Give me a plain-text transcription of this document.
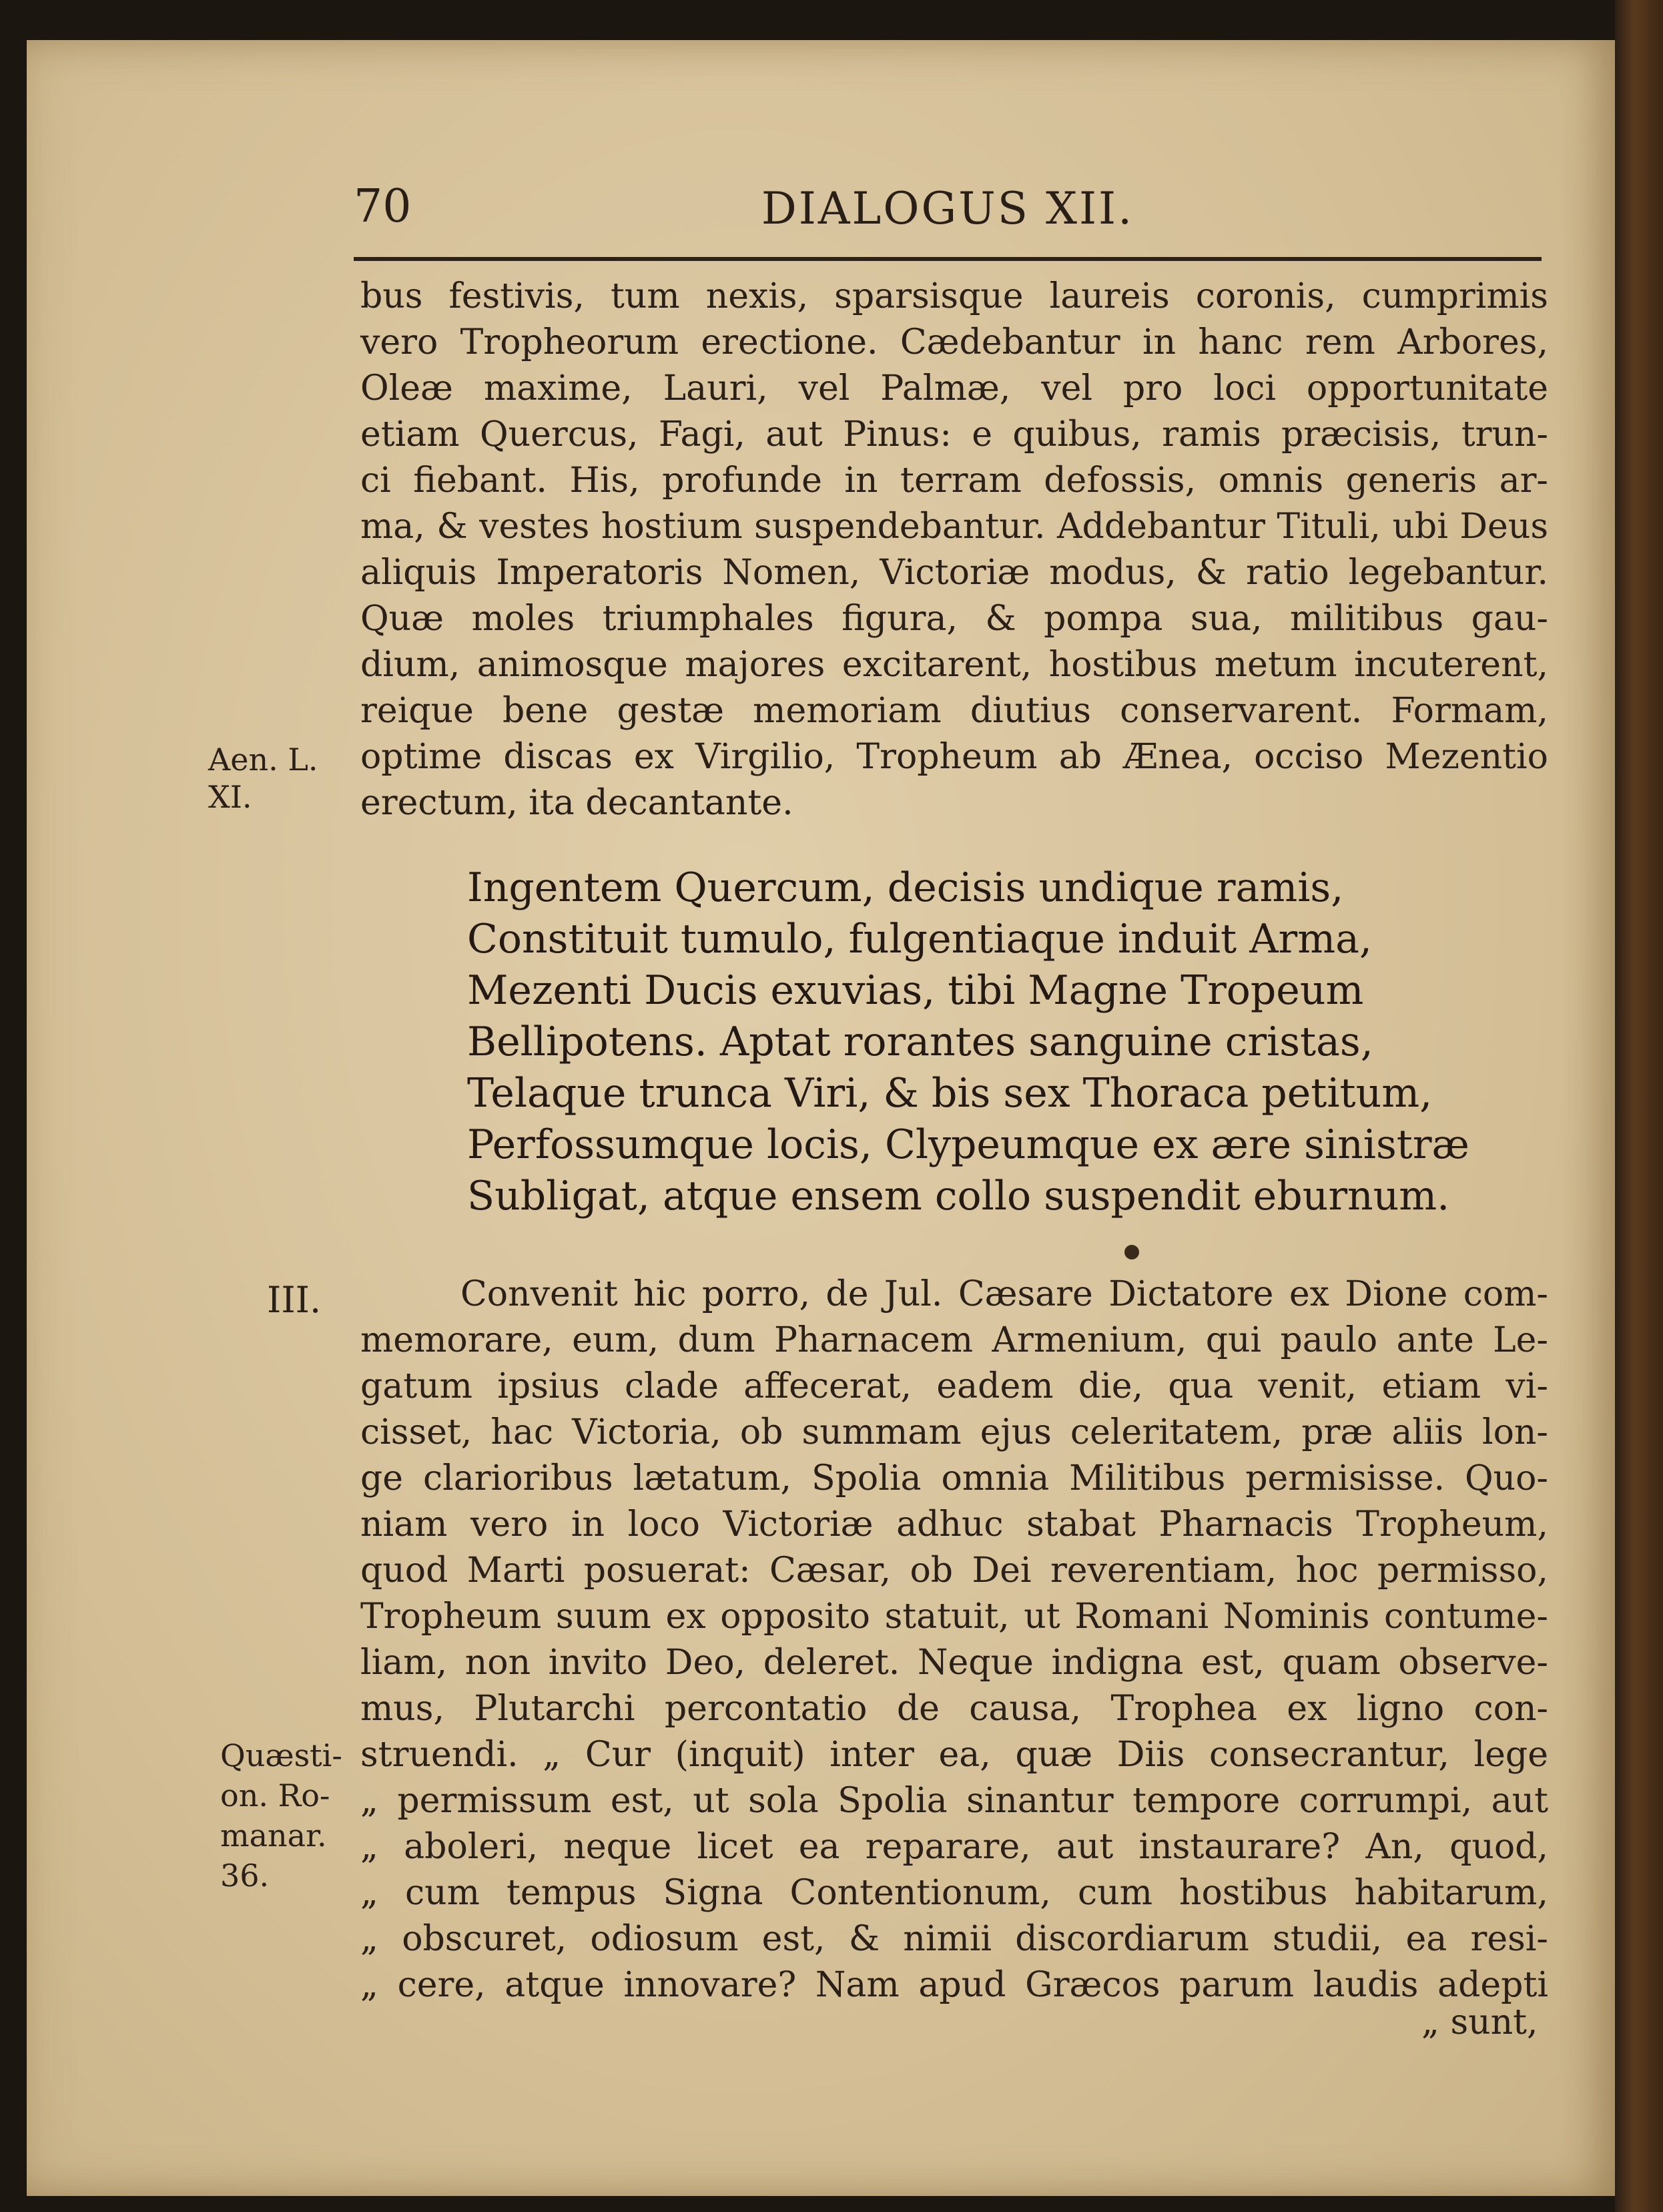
70	DIALOGUS XII.
bus festivis, tum nexis, sparsisque laureis coronis, cumprimis
vero Tropheorum erectione. Cædebantur in hanc rem Arbores,
Oleæ maxime, Lauri, vel Palmæ, vel pro loci opportunitate
etiam Quercus, Fagi, aut Pinus: e quibus, ramis præcisis, trun-
ci fiebant. His, profunde in terram defossis, omnis generis ar-
ma, & vestes hostium suspendebantur. Addebantur Tituli, ubi Deus
aliquis Imperatoris Nomen, Victoriæ modus, & ratio legebantur.
Quæ moles triumphales figura, & pompa sua, militibus gau-
dium, animosque majores excitarent, hostibus metum incuterent,
reique bene gestæ memoriam diutius conservarent. Formam,
optime discas ex Virgilio, Tropheum ab Ænea, occiso Mezentio
erectum, ita decantante.
Aen. L.
XI.
Ingentem Quercum, decisis undique ramis,
Constituit tumulo, fulgentiaque induit Arma,
Mezenti Ducis exuvias, tibi Magne Tropeum
Bellipotens. Aptat rorantes sanguine cristas,
Telaque trunca Viri, & bis sex Thoraca petitum,
Perfossumque locis, Clypeumque ex ære sinistræ
Subligat, atque ensem collo suspendit eburnum.
III.	Convenit hic porro, de Jul. Cæsare Dictatore ex Dione com-
memorare, eum, dum Pharnacem Armenium, qui paulo ante Le-
gatum ipsius clade affecerat, eadem die, qua venit, etiam vi-
cisset, hac Victoria, ob summam ejus celeritatem, præ aliis lon-
ge clarioribus lætatum, Spolia omnia Militibus permisisse. Quo-
niam vero in loco Victoriæ adhuc stabat Pharnacis Tropheum,
quod Marti posuerat: Cæsar, ob Dei reverentiam, hoc permisso,
Tropheum suum ex opposito statuit, ut Romani Nominis contume-
liam, non invito Deo, deleret. Neque indigna est, quam observe-
mus, Plutarchi percontatio de causa, Trophea ex ligno con-
struendi. „ Cur (inquit) inter ea, quæ Diis consecrantur, lege
„ permissum est, ut sola Spolia sinantur tempore corrumpi, aut
„ aboleri, neque licet ea reparare, aut instaurare? An, quod,
„ cum tempus Signa Contentionum, cum hostibus habitarum,
„ obscuret, odiosum est, & nimii discordiarum studii, ea resi-
„ cere, atque innovare? Nam apud Græcos parum laudis adepti
Quæsti-
on. Ro-
manar.
36.
„ sunt,
